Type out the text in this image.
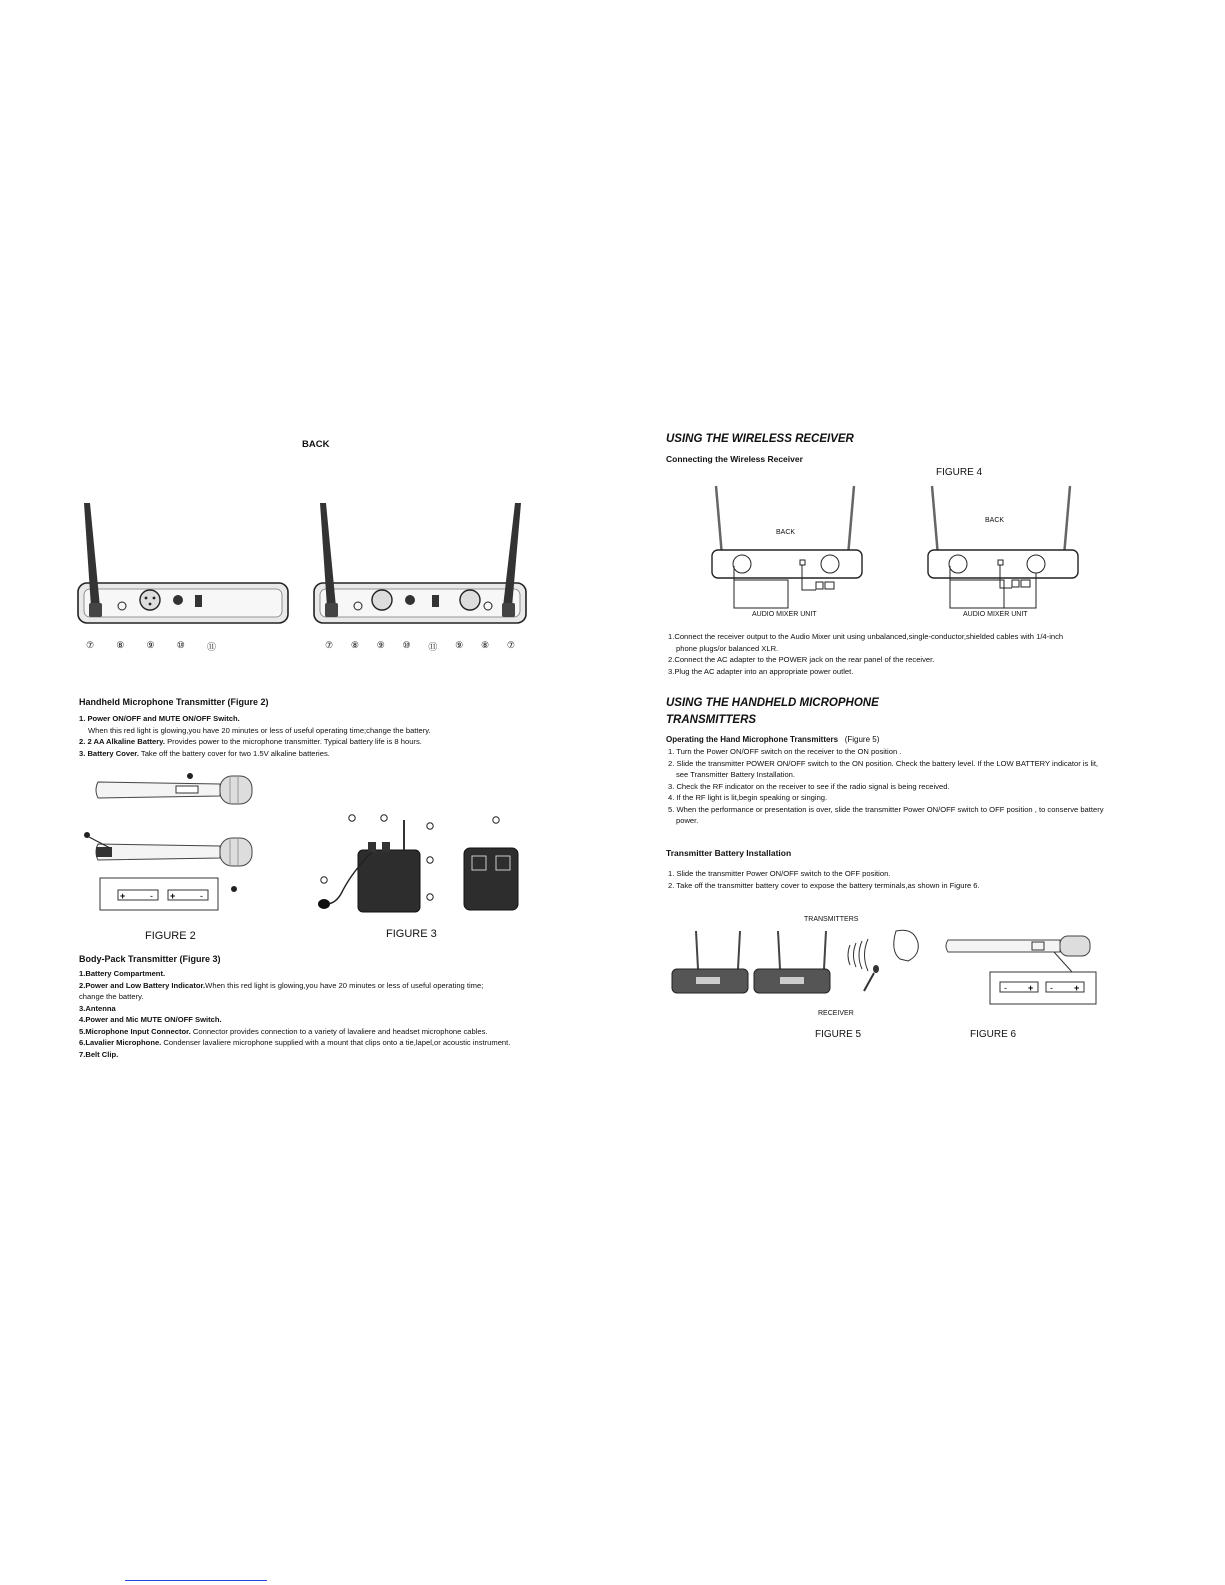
BACK
⑦ ⑧ ⑨ ⑩ ⑪	⑦ ⑧ ⑨ ⑩ ⑪ ⑨ ⑧ ⑦
Handheld Microphone Transmitter (Figure 2)
1. Power ON/OFF and MUTE ON/OFF Switch.
When this red light is glowing,you have 20 minutes or less of useful operating time;change the battery.
2. 2 AA Alkaline Battery. Provides power to the microphone transmitter. Typical battery life is 8 hours.
3. Battery Cover. Take off the battery cover for two 1.5V alkaline batteries.
+	- +	-
FIGURE 2	FIGURE 3
Body-Pack Transmitter (Figure 3)
1.Battery Compartment.
2.Power and Low Battery Indicator.When this red light is glowing,you have 20 minutes or less of useful operating time;
change the battery.
3.Antenna
4.Power and Mic MUTE ON/OFF Switch.
5.Microphone Input Connector. Connector provides connection to a variety of lavaliere and headset microphone cables.
6.Lavalier Microphone. Condenser lavaliere microphone supplied with a mount that clips onto a tie,lapel,or acoustic instrument.
7.Belt Clip.
USING THE WIRELESS RECEIVER
Connecting the Wireless Receiver
FIGURE 4
BACK
AUDIO MIXER UNIT
BACK
AUDIO MIXER UNIT
1.Connect the receiver output to the Audio Mixer unit using unbalanced,single-conductor,shielded cables with 1/4-inch
phone plugs/or balanced XLR.
2.Connect the AC adapter to the POWER jack on the rear panel of the receiver.
3.Plug the AC adapter into an appropriate power outlet.
USING THE HANDHELD MICROPHONE
TRANSMITTERS
Operating the Hand Microphone Transmitters (Figure 5)
1. Turn the Power ON/OFF switch on the receiver to the ON position .
2. Slide the transmitter POWER ON/OFF switch to the ON position. Check the battery level. If the LOW BATTERY indicator is lit,
see Transmitter Battery Installation.
3. Check the RF indicator on the receiver to see if the radio signal is being received.
4. If the RF light is lit,begin speaking or singing.
5. When the performance or presentation is over, slide the transmitter Power ON/OFF switch to OFF position , to conserve battery
power.
Transmitter Battery Installation
1. Slide the transmitter Power ON/OFF switch to the OFF position.
2. Take off the transmitter battery cover to expose the battery terminals,as shown in Figure 6.
TRANSMITTERS
RECEIVER
FIGURE 5
- + - +
FIGURE 6
